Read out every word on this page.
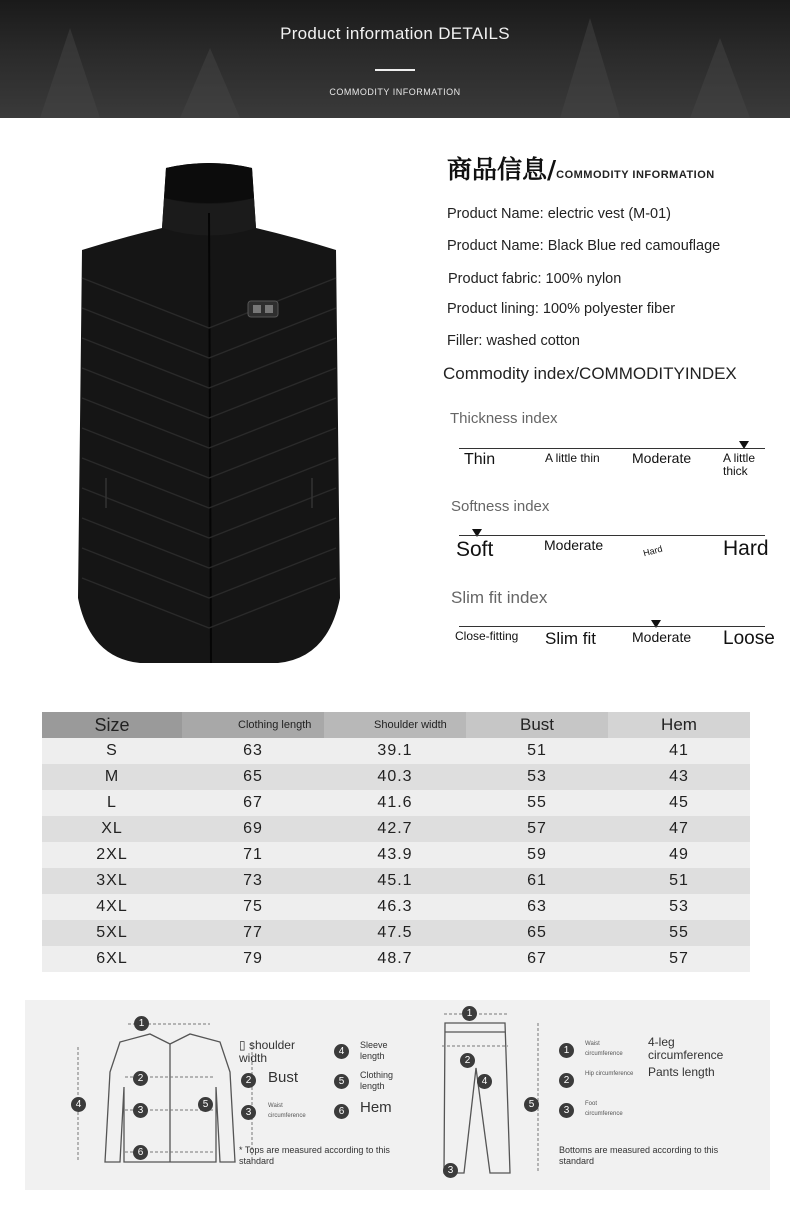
Product information DETAILS
COMMODITY INFORMATION
商品信息/COMMODITY INFORMATION
Product Name: electric vest (M-01)
Product Name: Black Blue red camouflage
Product fabric: 100% nylon
Product lining: 100% polyester fiber
Filler: washed cotton
Commodity index/COMMODITYINDEX
Thickness index
Thin	A little thin Moderate	A little
thick
Softness index
Soft	Moderate	Hard	Hard
Slim fit index
Close-fitting Slim fit	Moderate Loose
Size	Clothing length	Shoulder width	Bust	Hem
S	63	39.1	51	41
M	65	40.3	53	43
L	67	41.6	55	45
XL	69	42.7	57	47
2XL	71	43.9	59	49
3XL	73	45.1	61	51
4XL	75	46.3	63	53
5XL	77	47.5	65	55
6XL	79	48.7	67	57
1
2
3
4	5
6
▯ shoulder width
2	Bust
3
Waist circumference
4
Sleeve length
5
Clothing length
6	Hem
* Tops are measured according to this standard
1
2
3
4
5
1
Waist circumference
2
Hip circumference
3
Foot circumference
4-leg circumference
Pants length
Bottoms are measured according to this standard
